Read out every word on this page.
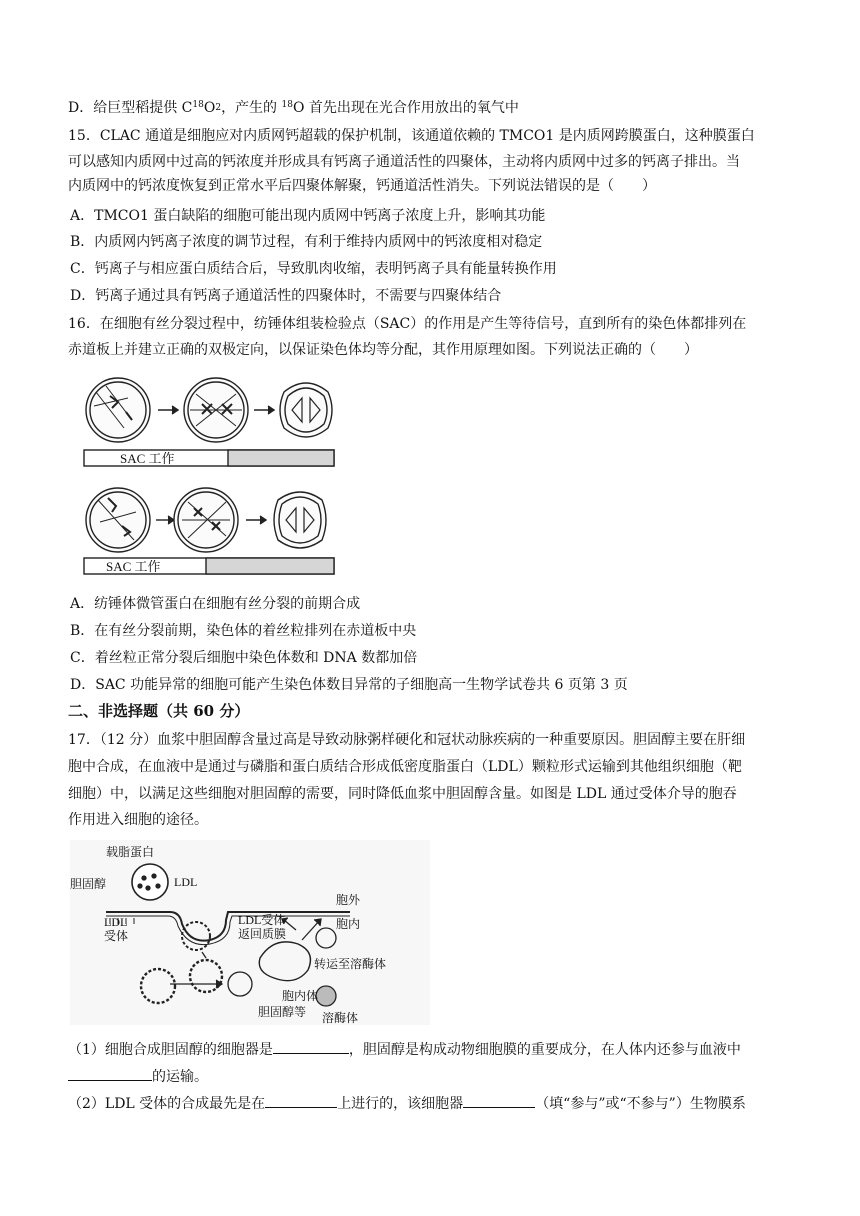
D．给巨型稻提供 $C^{18}O2$，产生的 $^{18}$O 首先出现在光合作用放出的氧气中
15．CLAC 通道是细胞应对内质网钙超载的保护机制，该通道依赖的 TMCO1 是内质网跨膜蛋白，这种膜蛋白
可以感知内质网中过高的钙浓度并形成具有钙离子通道活性的四聚体，主动将内质网中过多的钙离子排出。当
内质网中的钙浓度恢复到正常水平后四聚体解聚，钙通道活性消失。下列说法错误的是（　　）
A．TMCO1 蛋白缺陷的细胞可能出现内质网中钙离子浓度上升，影响其功能
B．内质网内钙离子浓度的调节过程，有利于维持内质网中的钙浓度相对稳定
C．钙离子与相应蛋白质结合后，导致肌肉收缩，表明钙离子具有能量转换作用
D．钙离子通过具有钙离子通道活性的四聚体时，不需要与四聚体结合
16．在细胞有丝分裂过程中，纺锤体组装检验点（SAC）的作用是产生等待信号，直到所有的染色体都排列在
赤道板上并建立正确的双极定向，以保证染色体均等分配，其作用原理如图。下列说法正确的（　　）
SAC 工作
SAC 工作
A．纺锤体微管蛋白在细胞有丝分裂的前期合成
B．在有丝分裂前期，染色体的着丝粒排列在赤道板中央
C．着丝粒正常分裂后细胞中染色体数和 DNA 数都加倍
D．SAC 功能异常的细胞可能产生染色体数目异常的子细胞高一生物学试卷共 6 页第 3 页
二、非选择题（共 60 分）
17．（12 分）血浆中胆固醇含量过高是导致动脉粥样硬化和冠状动脉疾病的一种重要原因。胆固醇主要在肝细
胞中合成，在血液中是通过与磷脂和蛋白质结合形成低密度脂蛋白（LDL）颗粒形式运输到其他组织细胞（靶
细胞）中，以满足这些细胞对胆固醇的需要，同时降低血浆中胆固醇含量。如图是 LDL 通过受体介导的胞吞
作用进入细胞的途径。
载脂蛋白
LDL
胆固醇
LDL
受体
LDL受体
返回质膜
胞外
胞内
转运至溶酶体
胞内体
胆固醇等 溶酶体
（1）细胞合成胆固醇的细胞器是	，胆固醇是构成动物细胞膜的重要成分，在人体内还参与血液中
的运输。
（2）LDL 受体的合成最先是在	上进行的，该细胞器	（填“参与”或“不参与”）生物膜系
